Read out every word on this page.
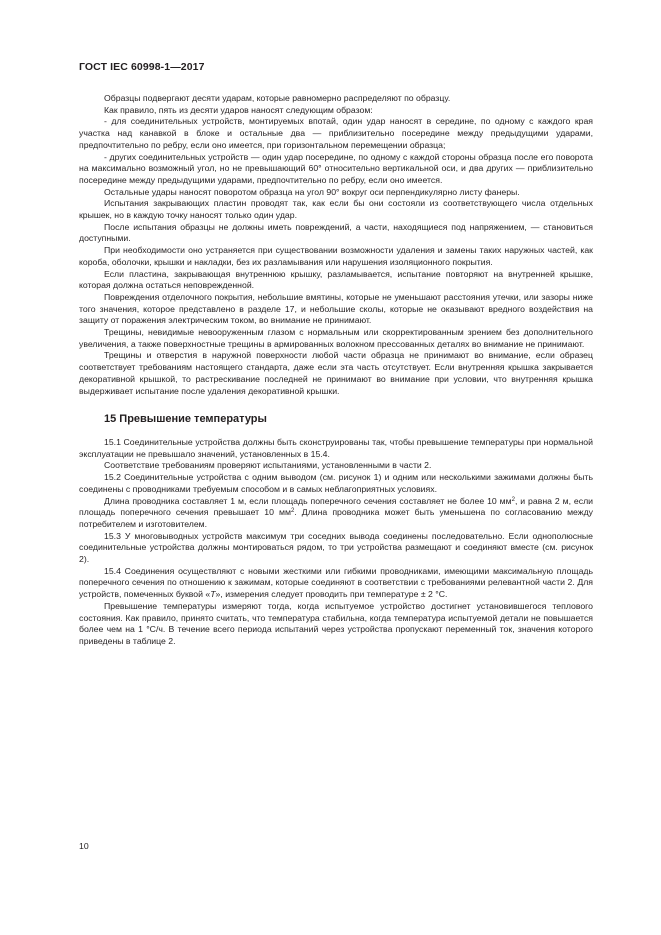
ГОСТ IEC 60998-1—2017

Образцы подвергают десяти ударам, которые равномерно распределяют по образцу.

Как правило, пять из десяти ударов наносят следующим образом:

- для соединительных устройств, монтируемых впотай, один удар наносят в середине, по одному с каждого края участка над канавкой в блоке и остальные два — приблизительно посередине между предыдущими ударами, предпочтительно по ребру, если оно имеется, при горизонтальном перемещении образца;

- других соединительных устройств — один удар посередине, по одному с каждой стороны образца после его поворота на максимально возможный угол, но не превышающий 60° относительно вертикальной оси, и два других — приблизительно посередине между предыдущими ударами, предпочтительно по ребру, если оно имеется.

Остальные удары наносят поворотом образца на угол 90° вокруг оси перпендикулярно листу фанеры.

Испытания закрывающих пластин проводят так, как если бы они состояли из соответствующего числа отдельных крышек, но в каждую точку наносят только один удар.

После испытания образцы не должны иметь повреждений, а части, находящиеся под напряжением, — становиться доступными.

При необходимости оно устраняется при существовании возможности удаления и замены таких наружных частей, как короба, оболочки, крышки и накладки, без их разламывания или нарушения изоляционного покрытия.

Если пластина, закрывающая внутреннюю крышку, разламывается, испытание повторяют на внутренней крышке, которая должна остаться неповрежденной.

Повреждения отделочного покрытия, небольшие вмятины, которые не уменьшают расстояния утечки, или зазоры ниже того значения, которое представлено в разделе 17, и небольшие сколы, которые не оказывают вредного воздействия на защиту от поражения электрическим током, во внимание не принимают.

Трещины, невидимые невооруженным глазом с нормальным или скорректированным зрением без дополнительного увеличения, а также поверхностные трещины в армированных волокном прессованных деталях во внимание не принимают.

Трещины и отверстия в наружной поверхности любой части образца не принимают во внимание, если образец соответствует требованиям настоящего стандарта, даже если эта часть отсутствует. Если внутренняя крышка закрывается декоративной крышкой, то растрескивание последней не принимают во внимание при условии, что внутренняя крышка выдерживает испытание после удаления декоративной крышки.

15 Превышение температуры

15.1 Соединительные устройства должны быть сконструированы так, чтобы превышение температуры при нормальной эксплуатации не превышало значений, установленных в 15.4.

Соответствие требованиям проверяют испытаниями, установленными в части 2.

15.2 Соединительные устройства с одним выводом (см. рисунок 1) и одним или несколькими зажимами должны быть соединены с проводниками требуемым способом и в самых неблагоприятных условиях.

Длина проводника составляет 1 м, если площадь поперечного сечения составляет не более 10 $мм^2$, и равна 2 м, если площадь поперечного сечения превышает 10 $мм^2$. Длина проводника может быть уменьшена по согласованию между потребителем и изготовителем.

15.3 У многовыводных устройств максимум три соседних вывода соединены последовательно. Если однополюсные соединительные устройства должны монтироваться рядом, то три устройства размещают и соединяют вместе (см. рисунок 2).

15.4 Соединения осуществляют с новыми жесткими или гибкими проводниками, имеющими максимальную площадь поперечного сечения по отношению к зажимам, которые соединяют в соответствии с требованиями релевантной части 2. Для устройств, помеченных буквой «Т», измерения следует проводить при температуре ± 2 °С.

Превышение температуры измеряют тогда, когда испытуемое устройство достигнет установившегося теплового состояния. Как правило, принято считать, что температура стабильна, когда температура испытуемой детали не повышается более чем на 1 °С/ч. В течение всего периода испытаний через устройства пропускают переменный ток, значения которого приведены в таблице 2.

10
